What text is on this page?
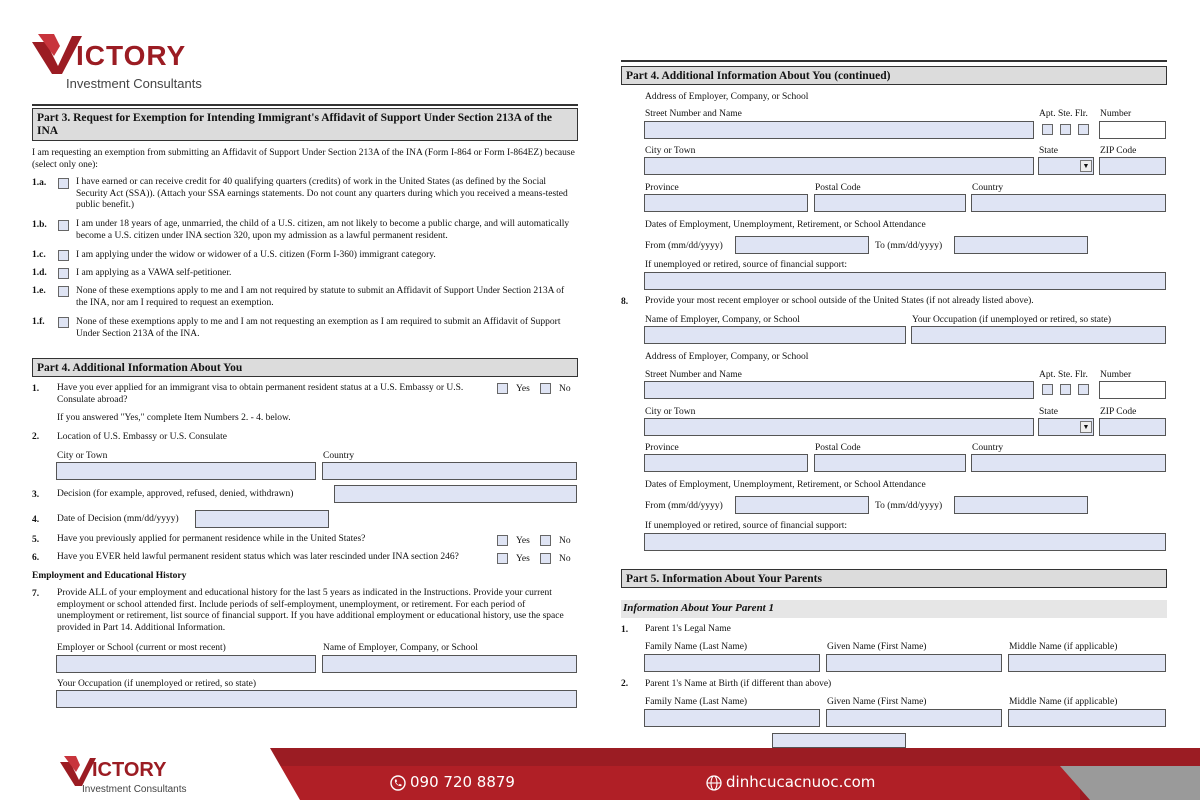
ICTORY
Investment Consultants
Part 3. Request for Exemption for Intending Immigrant's Affidavit of Support Under Section 213A of the INA
I am requesting an exemption from submitting an Affidavit of Support Under Section 213A of the INA (Form I-864 or Form I-864EZ) because (select only one):
1.a.	I have earned or can receive credit for 40 qualifying quarters (credits) of work in the United States (as defined by the Social Security Act (SSA)). (Attach your SSA earnings statements. Do not count any quarters during which you received a means-tested public benefit.)
1.b.	I am under 18 years of age, unmarried, the child of a U.S. citizen, am not likely to become a public charge, and will automatically become a U.S. citizen under INA section 320, upon my admission as a lawful permanent resident.
1.c.	I am applying under the widow or widower of a U.S. citizen (Form I-360) immigrant category.
1.d.	I am applying as a VAWA self-petitioner.
1.e.	None of these exemptions apply to me and I am not required by statute to submit an Affidavit of Support Under Section 213A of the INA, nor am I required to request an exemption.
1.f.	None of these exemptions apply to me and I am not requesting an exemption as I am required to submit an Affidavit of Support Under Section 213A of the INA.
Part 4. Additional Information About You
1. Have you ever applied for an immigrant visa to obtain permanent resident status at a U.S. Embassy or U.S. Consulate abroad?
Yes	No
If you answered "Yes," complete Item Numbers 2. - 4. below.
2. Location of U.S. Embassy or U.S. Consulate
City or Town	Country
3. Decision (for example, approved, refused, denied, withdrawn)
4. Date of Decision (mm/dd/yyyy)
5. Have you previously applied for permanent residence while in the United States?	Yes	No
6. Have you EVER held lawful permanent resident status which was later rescinded under INA section 246?	Yes	No
Employment and Educational History
7. Provide ALL of your employment and educational history for the last 5 years as indicated in the Instructions. Provide your current employment or school attended first. Include periods of self-employment, unemployment, or retirement. For each period of unemployment or retirement, list source of financial support. If you have additional employment or educational history, use the space provided in Part 14. Additional Information.
Employer or School (current or most recent)	Name of Employer, Company, or School
Your Occupation (if unemployed or retired, so state)
Part 4. Additional Information About You (continued)
Address of Employer, Company, or School
Street Number and Name	Apt. Ste. Flr. Number
City or Town	State	ZIP Code
▼
Province	Postal Code	Country
Dates of Employment, Unemployment, Retirement, or School Attendance
From (mm/dd/yyyy)	To (mm/dd/yyyy)
If unemployed or retired, source of financial support:
8. Provide your most recent employer or school outside of the United States (if not already listed above).
Name of Employer, Company, or School	Your Occupation (if unemployed or retired, so state)
Address of Employer, Company, or School
Street Number and Name	Apt. Ste. Flr. Number
City or Town	State	ZIP Code
▼
Province	Postal Code	Country
Dates of Employment, Unemployment, Retirement, or School Attendance
From (mm/dd/yyyy)	To (mm/dd/yyyy)
If unemployed or retired, source of financial support:
Part 5. Information About Your Parents
Information About Your Parent 1
1. Parent 1's Legal Name
Family Name (Last Name)	Given Name (First Name)	Middle Name (if applicable)
2. Parent 1's Name at Birth (if different than above)
Family Name (Last Name)	Given Name (First Name)	Middle Name (if applicable)
ICTORY
Investment Consultants	090 720 8879	dinhcucacnuoc.com
